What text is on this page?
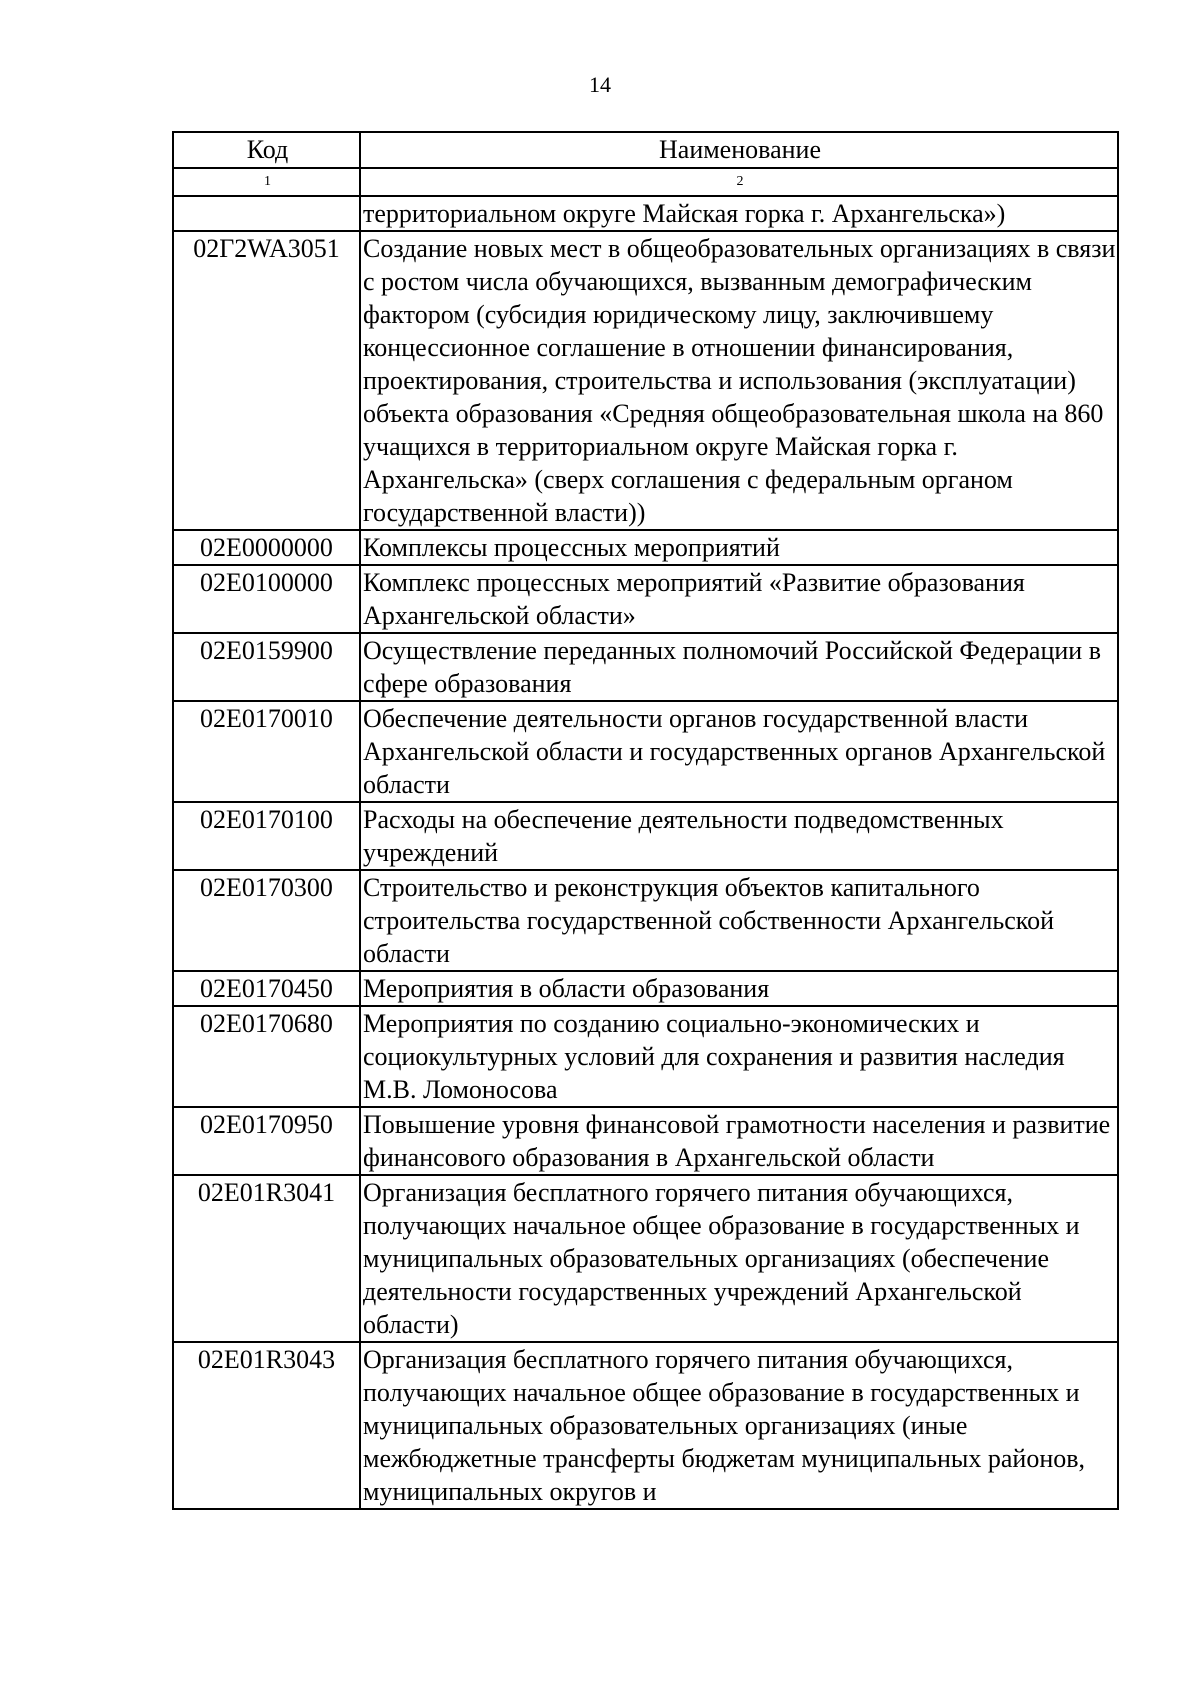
14
Код	Наименование
1	2
	территориальном округе Майская горка г. Архангельска»)
02Г2WA3051	Создание новых мест в общеобразовательных организациях в связи с ростом числа обучающихся, вызванным демографическим фактором (субсидия юридическому лицу, заключившему концессионное соглашение в отношении финансирования, проектирования, строительства и использования (эксплуатации) объекта образования «Средняя общеобразовательная школа на 860 учащихся в территориальном округе Майская горка г. Архангельска» (сверх соглашения с федеральным органом государственной власти))
02Е0000000	Комплексы процессных мероприятий
02Е0100000	Комплекс процессных мероприятий «Развитие образования Архангельской области»
02Е0159900	Осуществление переданных полномочий Российской Федерации в сфере образования
02Е0170010	Обеспечение деятельности органов государственной власти Архангельской области и государственных органов Архангельской области
02Е0170100	Расходы на обеспечение деятельности подведомственных учреждений
02Е0170300	Строительство и реконструкция объектов капитального строительства государственной собственности Архангельской области
02Е0170450	Мероприятия в области образования
02Е0170680	Мероприятия по созданию социально-экономических и социокультурных условий для сохранения и развития наследия М.В. Ломоносова
02Е0170950	Повышение уровня финансовой грамотности населения и развитие финансового образования в Архангельской области
02Е01R3041	Организация бесплатного горячего питания обучающихся, получающих начальное общее образование в государственных и муниципальных образовательных организациях (обеспечение деятельности государственных учреждений Архангельской области)
02Е01R3043	Организация бесплатного горячего питания обучающихся, получающих начальное общее образование в государственных и муниципальных образовательных организациях (иные межбюджетные трансферты бюджетам муниципальных районов, муниципальных округов и
